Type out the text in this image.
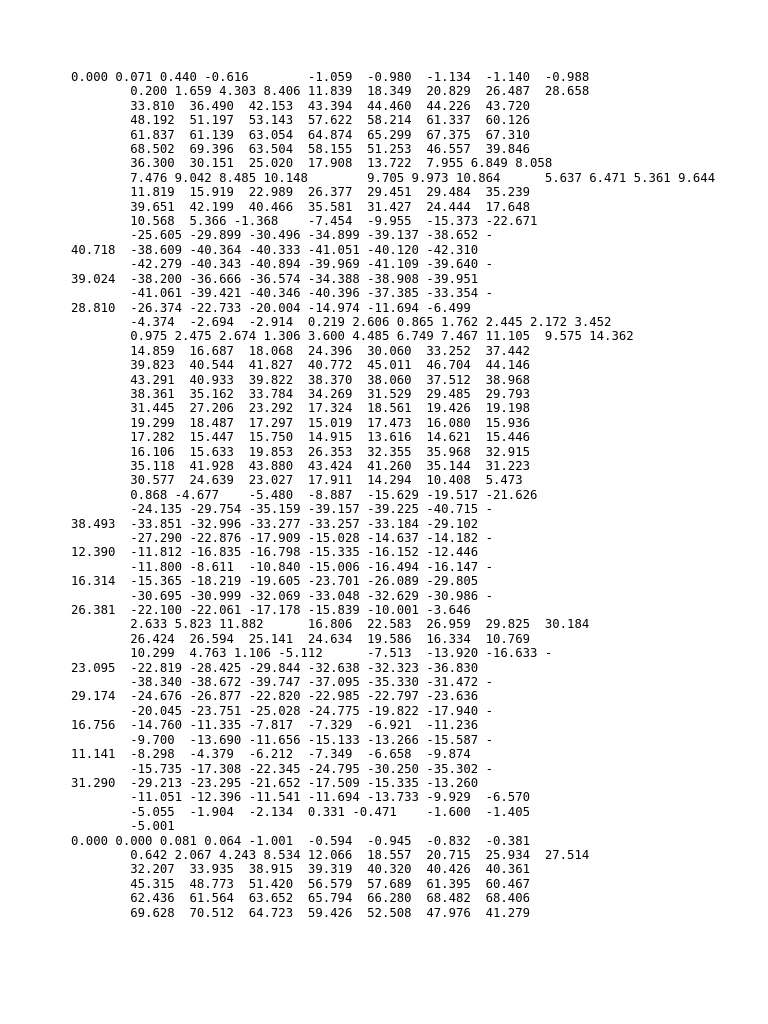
0.000 0.071 0.440 -0.616	-1.059	-0.980	-1.134	-1.140	-0.988
	0.200 1.659 4.303 8.406 11.839	18.349	20.829	26.487	28.658
	33.810	36.490	42.153	43.394	44.460	44.226	43.720
	48.192	51.197	53.143	57.622	58.214	61.337	60.126
	61.837	61.139	63.054	64.874	65.299	67.375	67.310
	68.502	69.396	63.504	58.155	51.253	46.557	39.846
	36.300	30.151	25.020	17.908	13.722	7.955 6.849 8.058
	7.476 9.042 8.485 10.148	9.705 9.973 10.864	5.637 6.471 5.361 9.644
	11.819	15.919	22.989	26.377	29.451	29.484	35.239
	39.651	42.199	40.466	35.581	31.427	24.444	17.648
	10.568	5.366 -1.368	-7.454	-9.955	-15.373	-22.671
	-25.605	-29.899	-30.496	-34.899	-39.137	-38.652	-
40.718	-38.609	-40.364	-40.333	-41.051	-40.120	-42.310
	-42.279	-40.343	-40.894	-39.969	-41.109	-39.640	-
39.024	-38.200	-36.666	-36.574	-34.388	-38.908	-39.951
	-41.061	-39.421	-40.346	-40.396	-37.385	-33.354	-
28.810	-26.374	-22.733	-20.004	-14.974	-11.694	-6.499
	-4.374	-2.694	-2.914	0.219 2.606 0.865 1.762 2.445 2.172 3.452
	0.975 2.475 2.674 1.306 3.600 4.485 6.749 7.467 11.105	9.575 14.362
	14.859	16.687	18.068	24.396	30.060	33.252	37.442
	39.823	40.544	41.827	40.772	45.011	46.704	44.146
	43.291	40.933	39.822	38.370	38.060	37.512	38.968
	38.361	35.162	33.784	34.269	31.529	29.485	29.793
	31.445	27.206	23.292	17.324	18.561	19.426	19.198
	19.299	18.487	17.297	15.019	17.473	16.080	15.936
	17.282	15.447	15.750	14.915	13.616	14.621	15.446
	16.106	15.633	19.853	26.353	32.355	35.968	32.915
	35.118	41.928	43.880	43.424	41.260	35.144	31.223
	30.577	24.639	23.027	17.911	14.294	10.408	5.473
	0.868 -4.677	-5.480	-8.887	-15.629	-19.517	-21.626
	-24.135	-29.754	-35.159	-39.157	-39.225	-40.715	-
38.493	-33.851	-32.996	-33.277	-33.257	-33.184	-29.102
	-27.290	-22.876	-17.909	-15.028	-14.637	-14.182	-
12.390	-11.812	-16.835	-16.798	-15.335	-16.152	-12.446
	-11.800	-8.611	-10.840	-15.006	-16.494	-16.147	-
16.314	-15.365	-18.219	-19.605	-23.701	-26.089	-29.805
	-30.695	-30.999	-32.069	-33.048	-32.629	-30.986	-
26.381	-22.100	-22.061	-17.178	-15.839	-10.001	-3.646
	2.633 5.823 11.882	16.806	22.583	26.959	29.825	30.184
	26.424	26.594	25.141	24.634	19.586	16.334	10.769
	10.299	4.763 1.106 -5.112	-7.513	-13.920	-16.633	-
23.095	-22.819	-28.425	-29.844	-32.638	-32.323	-36.830
	-38.340	-38.672	-39.747	-37.095	-35.330	-31.472	-
29.174	-24.676	-26.877	-22.820	-22.985	-22.797	-23.636
	-20.045	-23.751	-25.028	-24.775	-19.822	-17.940	-
16.756	-14.760	-11.335	-7.817	-7.329	-6.921	-11.236
	-9.700	-13.690	-11.656	-15.133	-13.266	-15.587	-
11.141	-8.298	-4.379	-6.212	-7.349	-6.658	-9.874
	-15.735	-17.308	-22.345	-24.795	-30.250	-35.302	-
31.290	-29.213	-23.295	-21.652	-17.509	-15.335	-13.260
	-11.051	-12.396	-11.541	-11.694	-13.733	-9.929	-6.570
	-5.055	-1.904	-2.134	0.331 -0.471	-1.600	-1.405
	-5.001
0.000 0.000 0.081 0.064 -1.001	-0.594	-0.945	-0.832	-0.381
	0.642 2.067 4.243 8.534 12.066	18.557	20.715	25.934	27.514
	32.207	33.935	38.915	39.319	40.320	40.426	40.361
	45.315	48.773	51.420	56.579	57.689	61.395	60.467
	62.436	61.564	63.652	65.794	66.280	68.482	68.406
	69.628	70.512	64.723	59.426	52.508	47.976	41.279
